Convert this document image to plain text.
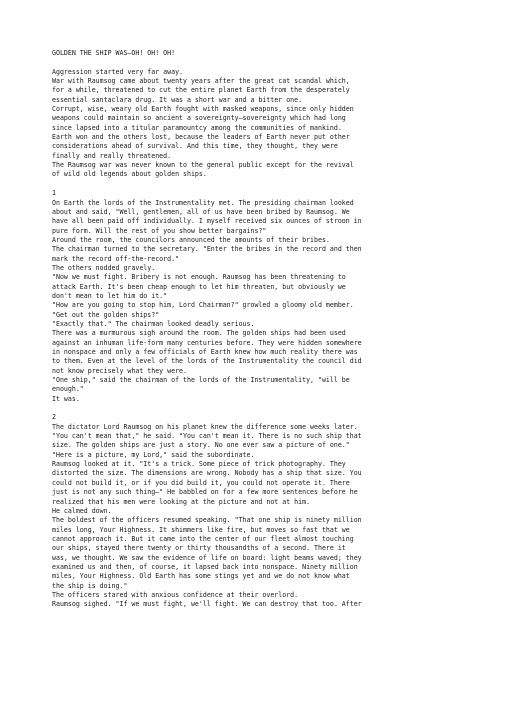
GOLDEN THE SHIP WAS—OH! OH! OH!
Aggression started very far away.
War with Raumsog came about twenty years after the great cat scandal which,
for a while, threatened to cut the entire planet Earth from the desperately
essential santaclara drug. It was a short war and a bitter one.
Corrupt, wise, weary old Earth fought with masked weapons, since only hidden
weapons could maintain so ancient a sovereignty—sovereignty which had long
since lapsed into a titular paramountcy among the communities of mankind.
Earth won and the others lost, because the leaders of Earth never put other
considerations ahead of survival. And this time, they thought, they were
finally and really threatened.
The Raumsog war was never known to the general public except for the revival
of wild old legends about golden ships.
1
On Earth the lords of the Instrumentality met. The presiding chairman looked
about and said, "Well, gentlemen, all of us have been bribed by Raumsog. We
have all been paid off individually. I myself received six ounces of stroon in
pure form. Will the rest of you show better bargains?"
Around the room, the councilors announced the amounts of their bribes.
The chairman turned to the secretary. "Enter the bribes in the record and then
mark the record off-the-record."
The others nodded gravely.
"Now we must fight. Bribery is not enough. Raumsog has been threatening to
attack Earth. It's been cheap enough to let him threaten, but obviously we
don't mean to let him do it."
"How are you going to stop him, Lord Chairman?" growled a gloomy old member.
"Get out the golden ships?"
"Exactly that." The chairman looked deadly serious.
There was a murmurous sigh around the room. The golden ships had been used
against an inhuman life-form many centuries before. They were hidden somewhere
in nonspace and only a few officials of Earth knew how much reality there was
to them. Even at the level of the lords of the Instrumentality the council did
not know precisely what they were.
"One ship," said the chairman of the lords of the Instrumentality, "will be
enough."
It was.
2
The dictator Lord Raumsog on his planet knew the difference some weeks later.
"You can't mean that," he said. "You can't mean it. There is no such ship that
size. The golden ships are just a story. No one ever saw a picture of one."
"Here is a picture, my Lord," said the subordinate.
Raumsog looked at it. "It's a trick. Some piece of trick photography. They
distorted the size. The dimensions are wrong. Nobody has a ship that size. You
could not build it, or if you did build it, you could not operate it. There
just is not any such thing—" He babbled on for a few more sentences before he
realized that his men were looking at the picture and not at him.
He calmed down.
The boldest of the officers resumed speaking. "That one ship is ninety million
miles long, Your Highness. It shimmers like fire, but moves so fast that we
cannot approach it. But it came into the center of our fleet almost touching
our ships, stayed there twenty or thirty thousandths of a second. There it
was, we thought. We saw the evidence of life on board: light beams waved; they
examined us and then, of course, it lapsed back into nonspace. Ninety million
miles, Your Highness. Old Earth has some stings yet and we do not know what
the ship is doing."
The officers stared with anxious confidence at their overlord.
Raumsog sighed. "If we must fight, we'll fight. We can destroy that too. After
